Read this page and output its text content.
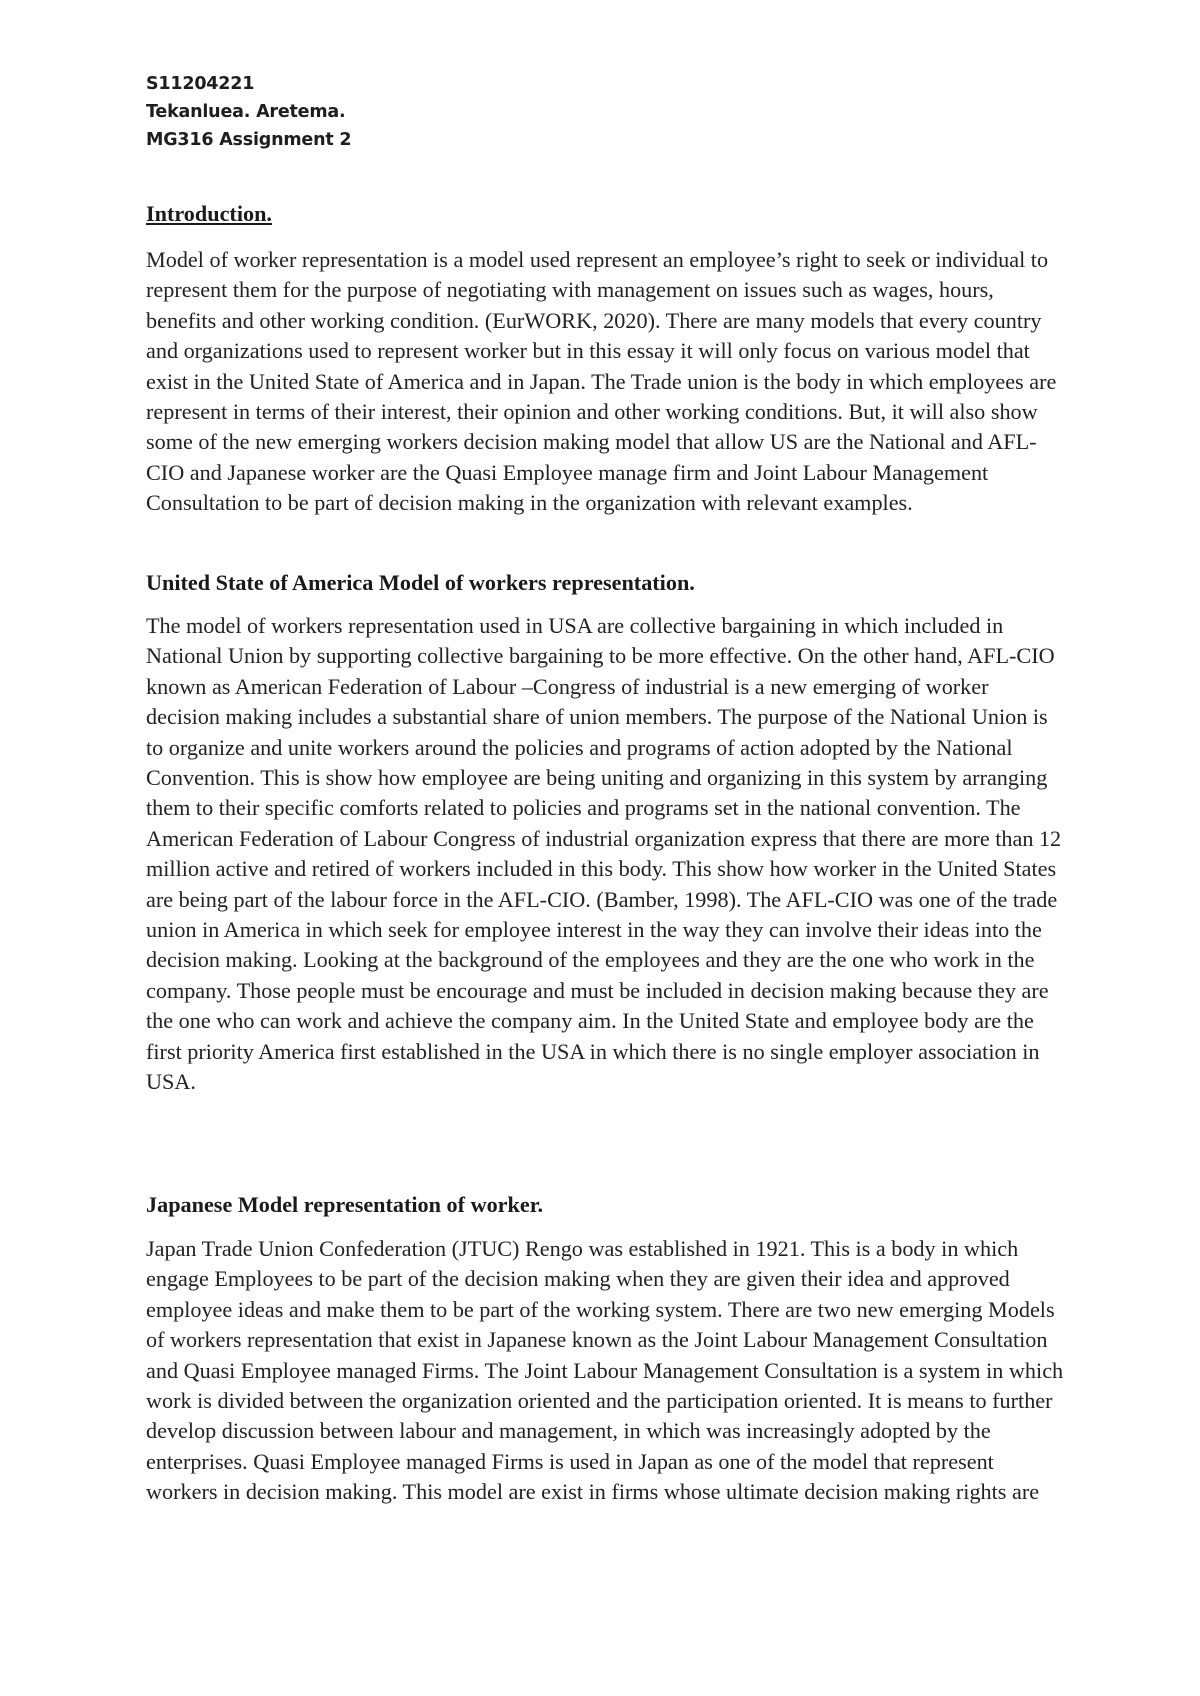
S11204221
Tekanluea. Aretema.
MG316 Assignment 2
Introduction.

Model of worker representation is a model used represent an employee’s right to seek or individual to represent them for the purpose of negotiating with management on issues such as wages, hours, benefits and other working condition. (EurWORK, 2020). There are many models that every country and organizations used to represent worker but in this essay it will only focus on various model that exist in the United State of America and in Japan. The Trade union is the body in which employees are represent in terms of their interest, their opinion and other working conditions. But, it will also show some of the new emerging workers decision making model that allow US are the National and AFL-CIO and Japanese worker are the Quasi Employee manage firm and Joint Labour Management Consultation to be part of decision making in the organization with relevant examples.

United State of America Model of workers representation.

The model of workers representation used in USA are collective bargaining in which included in National Union by supporting collective bargaining to be more effective. On the other hand, AFL-CIO known as American Federation of Labour –Congress of industrial is a new emerging of worker decision making includes a substantial share of union members. The purpose of the National Union is to organize and unite workers around the policies and programs of action adopted by the National Convention. This is show how employee are being uniting and organizing in this system by arranging them to their specific comforts related to policies and programs set in the national convention. The American Federation of Labour Congress of industrial organization express that there are more than 12 million active and retired of workers included in this body. This show how worker in the United States are being part of the labour force in the AFL-CIO. (Bamber, 1998). The AFL-CIO was one of the trade union in America in which seek for employee interest in the way they can involve their ideas into the decision making. Looking at the background of the employees and they are the one who work in the company. Those people must be encourage and must be included in decision making because they are the one who can work and achieve the company aim. In the United State and employee body are the first priority America first established in the USA in which there is no single employer association in USA.

Japanese Model representation of worker.

Japan Trade Union Confederation (JTUC) Rengo was established in 1921. This is a body in which engage Employees to be part of the decision making when they are given their idea and approved employee ideas and make them to be part of the working system. There are two new emerging Models of workers representation that exist in Japanese known as the Joint Labour Management Consultation and Quasi Employee managed Firms. The Joint Labour Management Consultation is a system in which work is divided between the organization oriented and the participation oriented. It is means to further develop discussion between labour and management, in which was increasingly adopted by the enterprises. Quasi Employee managed Firms is used in Japan as one of the model that represent workers in decision making. This model are exist in firms whose ultimate decision making rights are
